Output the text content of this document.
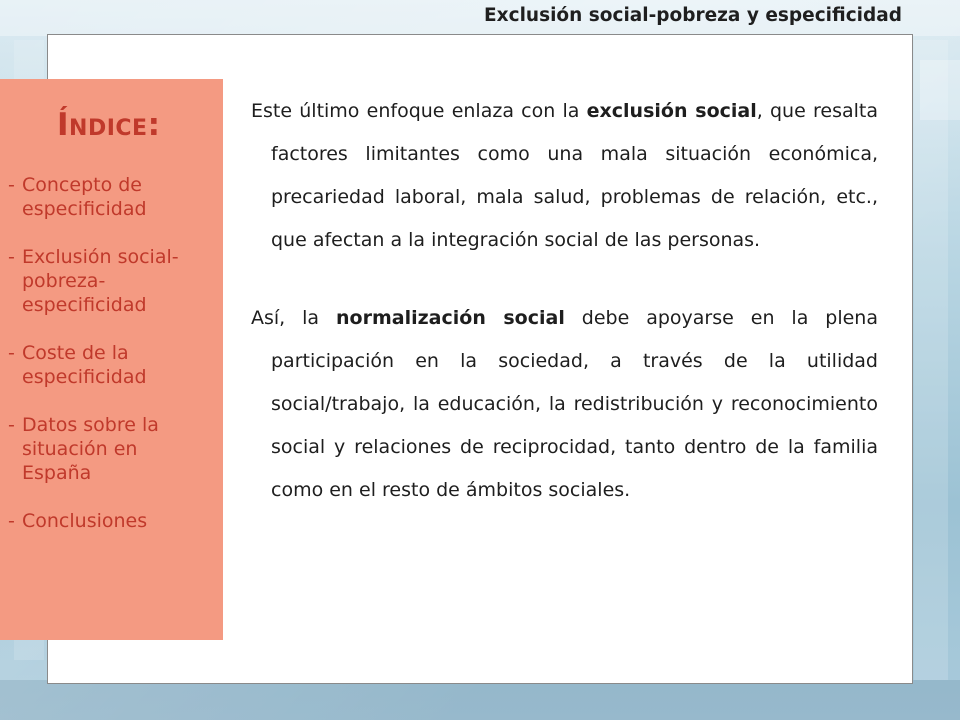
Exclusión social-pobreza y especificidad
Índice:
- Concepto de
especificidad
- Exclusión social-
pobreza-
especificidad
- Coste de la
especificidad
- Datos sobre la
situación en
España
- Conclusiones

Este último enfoque enlaza con la exclusión social, que resalta factores limitantes como una mala situación económica, precariedad laboral, mala salud, problemas de relación, etc., que afectan a la integración social de las personas.

Así, la normalización social debe apoyarse en la plena participación en la sociedad, a través de la utilidad social/trabajo, la educación, la redistribución y reconocimiento social y relaciones de reciprocidad, tanto dentro de la familia como en el resto de ámbitos sociales.
